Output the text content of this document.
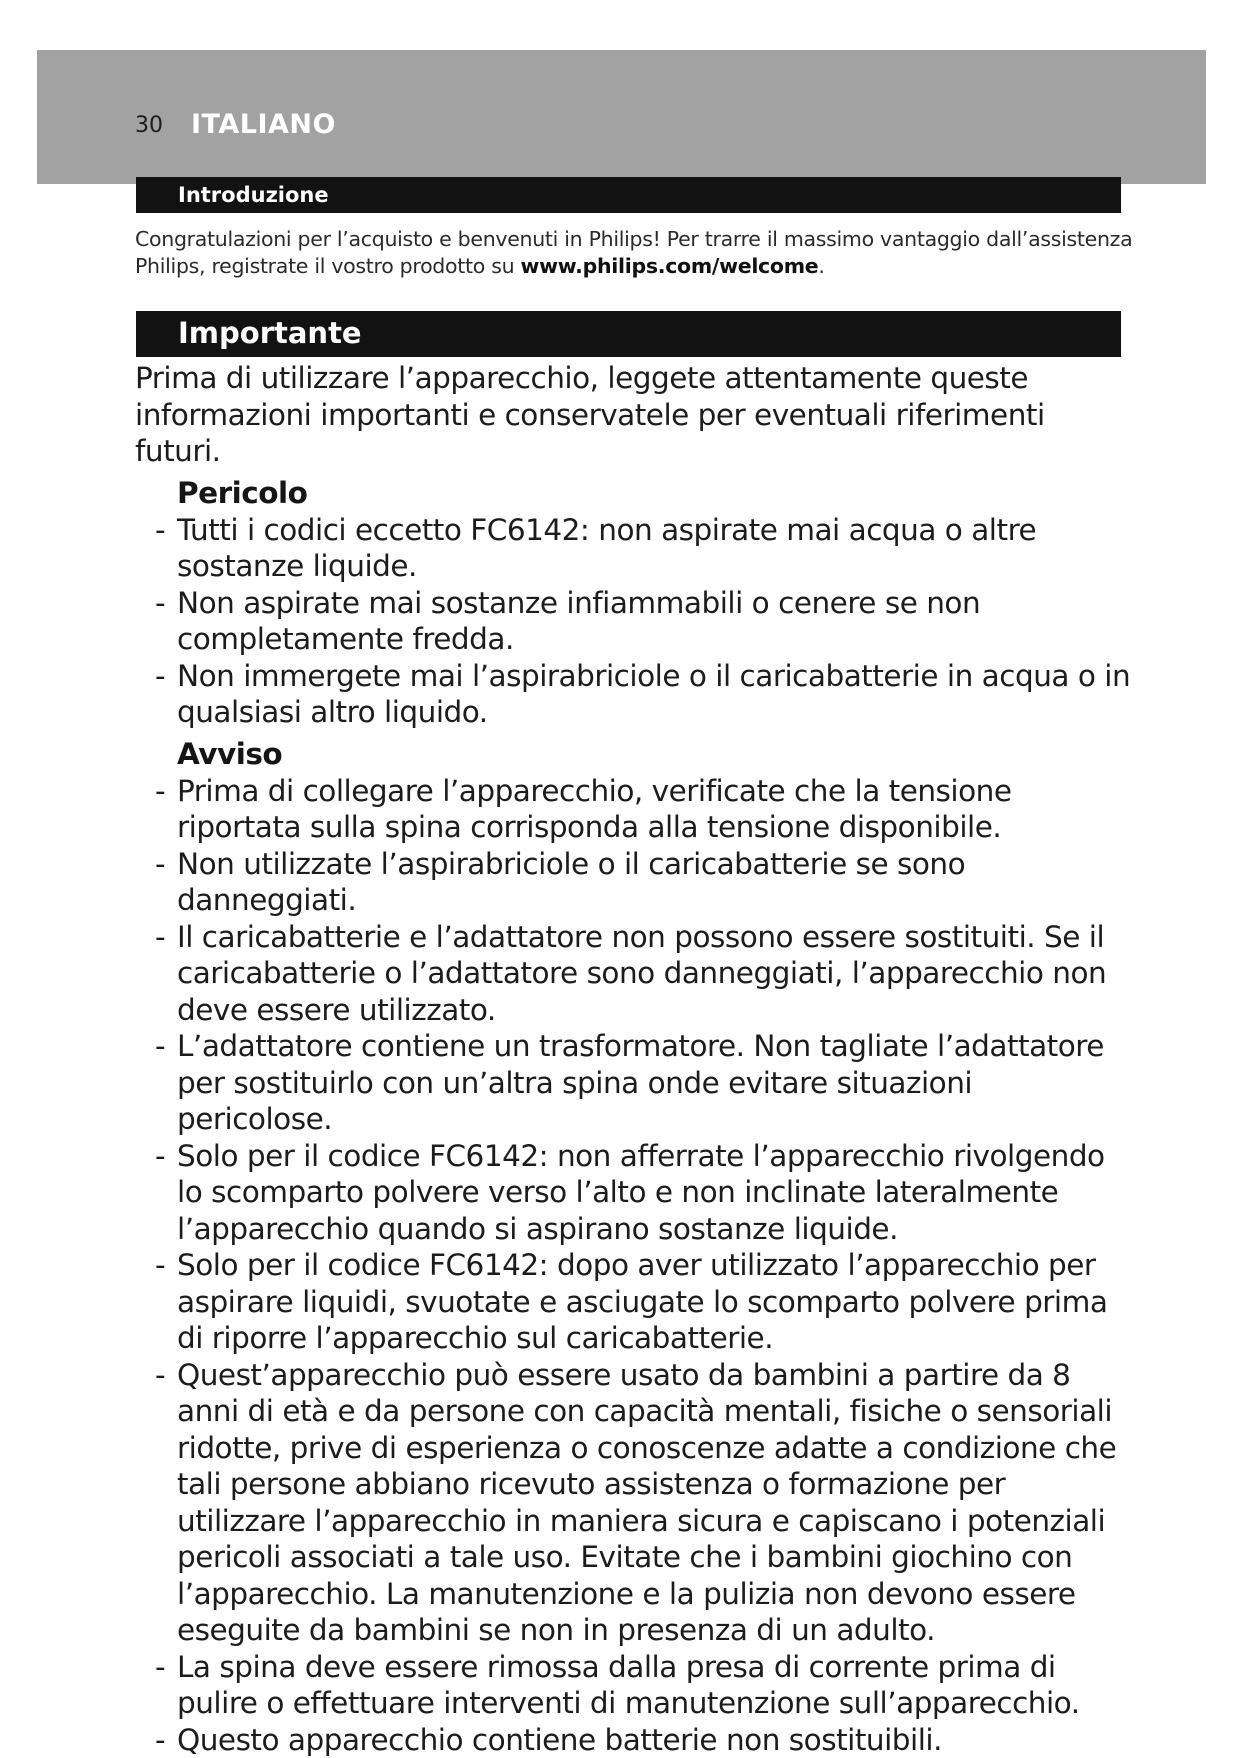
30 ITALIANO
Introduzione
Congratulazioni per l’acquisto e benvenuti in Philips! Per trarre il massimo vantaggio dall’assistenza Philips, registrate il vostro prodotto su www.philips.com/welcome.
Importante

Prima di utilizzare l’apparecchio, leggete attentamente queste informazioni importanti e conservatele per eventuali riferimenti futuri.

Pericolo
- Tutti i codici eccetto FC6142: non aspirate mai acqua o altre sostanze liquide.
- Non aspirate mai sostanze infiammabili o cenere se non completamente fredda.
- Non immergete mai l’aspirabriciole o il caricabatterie in acqua o in qualsiasi altro liquido.
Avviso
- Prima di collegare l’apparecchio, verificate che la tensione riportata sulla spina corrisponda alla tensione disponibile.
- Non utilizzate l’aspirabriciole o il caricabatterie se sono danneggiati.
- Il caricabatterie e l’adattatore non possono essere sostituiti. Se il caricabatterie o l’adattatore sono danneggiati, l’apparecchio non deve essere utilizzato.
- L’adattatore contiene un trasformatore. Non tagliate l’adattatore per sostituirlo con un’altra spina onde evitare situazioni pericolose.
- Solo per il codice FC6142: non afferrate l’apparecchio rivolgendo lo scomparto polvere verso l’alto e non inclinate lateralmente l’apparecchio quando si aspirano sostanze liquide.
- Solo per il codice FC6142: dopo aver utilizzato l’apparecchio per aspirare liquidi, svuotate e asciugate lo scomparto polvere prima di riporre l’apparecchio sul caricabatterie.
- Quest’apparecchio può essere usato da bambini a partire da 8 anni di età e da persone con capacità mentali, fisiche o sensoriali ridotte, prive di esperienza o conoscenze adatte a condizione che tali persone abbiano ricevuto assistenza o formazione per utilizzare l’apparecchio in maniera sicura e capiscano i potenziali pericoli associati a tale uso. Evitate che i bambini giochino con l’apparecchio. La manutenzione e la pulizia non devono essere eseguite da bambini se non in presenza di un adulto.
- La spina deve essere rimossa dalla presa di corrente prima di pulire o effettuare interventi di manutenzione sull’apparecchio.
- Questo apparecchio contiene batterie non sostituibili.
